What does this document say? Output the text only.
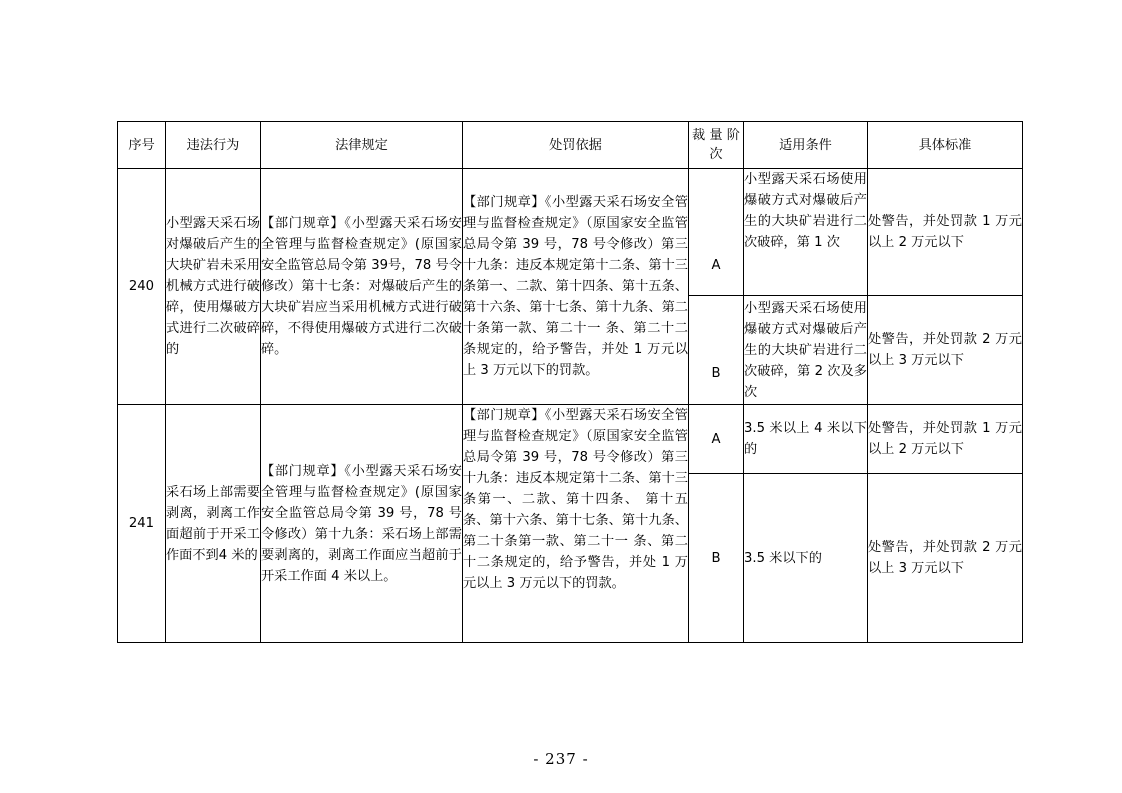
序号	违法行为	法律规定	处罚依据	裁 量 阶次	适用条件	具体标准
240	小型露天采石场对爆破后产生的大块矿岩未采用机械方式进行破碎，使用爆破方式进行二次破碎的	【部门规章】《小型露天采石场安全管理与监督检查规定》(原国家安全监管总局令第 39号，78 号令修改）第十七条：对爆破后产生的大块矿岩应当采用机械方式进行破碎，不得使用爆破方式进行二次破碎。	【部门规章】《小型露天采石场安全管理与监督检查规定》（原国家安全监管总局令第 39 号，78 号令修改）第三十九条：违反本规定第十二条、第十三条第一、二款、第十四条、第十五条、第十六条、第十七条、第十九条、第二十条第一款、第二十一 条、第二十二条规定的，给予警告，并处 1 万元以上 3 万元以下的罚款。	A	小型露天采石场使用爆破方式对爆破后产生的大块矿岩进行二次破碎，第 1 次	处警告，并处罚款 1 万元以上 2 万元以下
				B	小型露天采石场使用爆破方式对爆破后产生的大块矿岩进行二次破碎，第 2 次及多次	处警告，并处罚款 2 万元以上 3 万元以下
241	采石场上部需要剥离，剥离工作面超前于开采工作面不到4 米的	【部门规章】《小型露天采石场安全管理与监督检查规定》(原国家安全监管总局令第 39 号，78 号令修改）第十九条：采石场上部需要剥离的，剥离工作面应当超前于开采工作面 4 米以上。	【部门规章】《小型露天采石场安全管理与监督检查规定》（原国家安全监管总局令第 39 号，78 号令修改）第三十九条：违反本规定第十二条、第十三条第一、二款、第十四条、 第十五条、第十六条、第十七条、第十九条、第二十条第一款、第二十一 条、第二十二条规定的，给予警告，并处 1 万元以上 3 万元以下的罚款。	A	3.5 米以上 4 米以下的	处警告，并处罚款 1 万元以上 2 万元以下
				B	3.5 米以下的	处警告，并处罚款 2 万元以上 3 万元以下
- 237 -
